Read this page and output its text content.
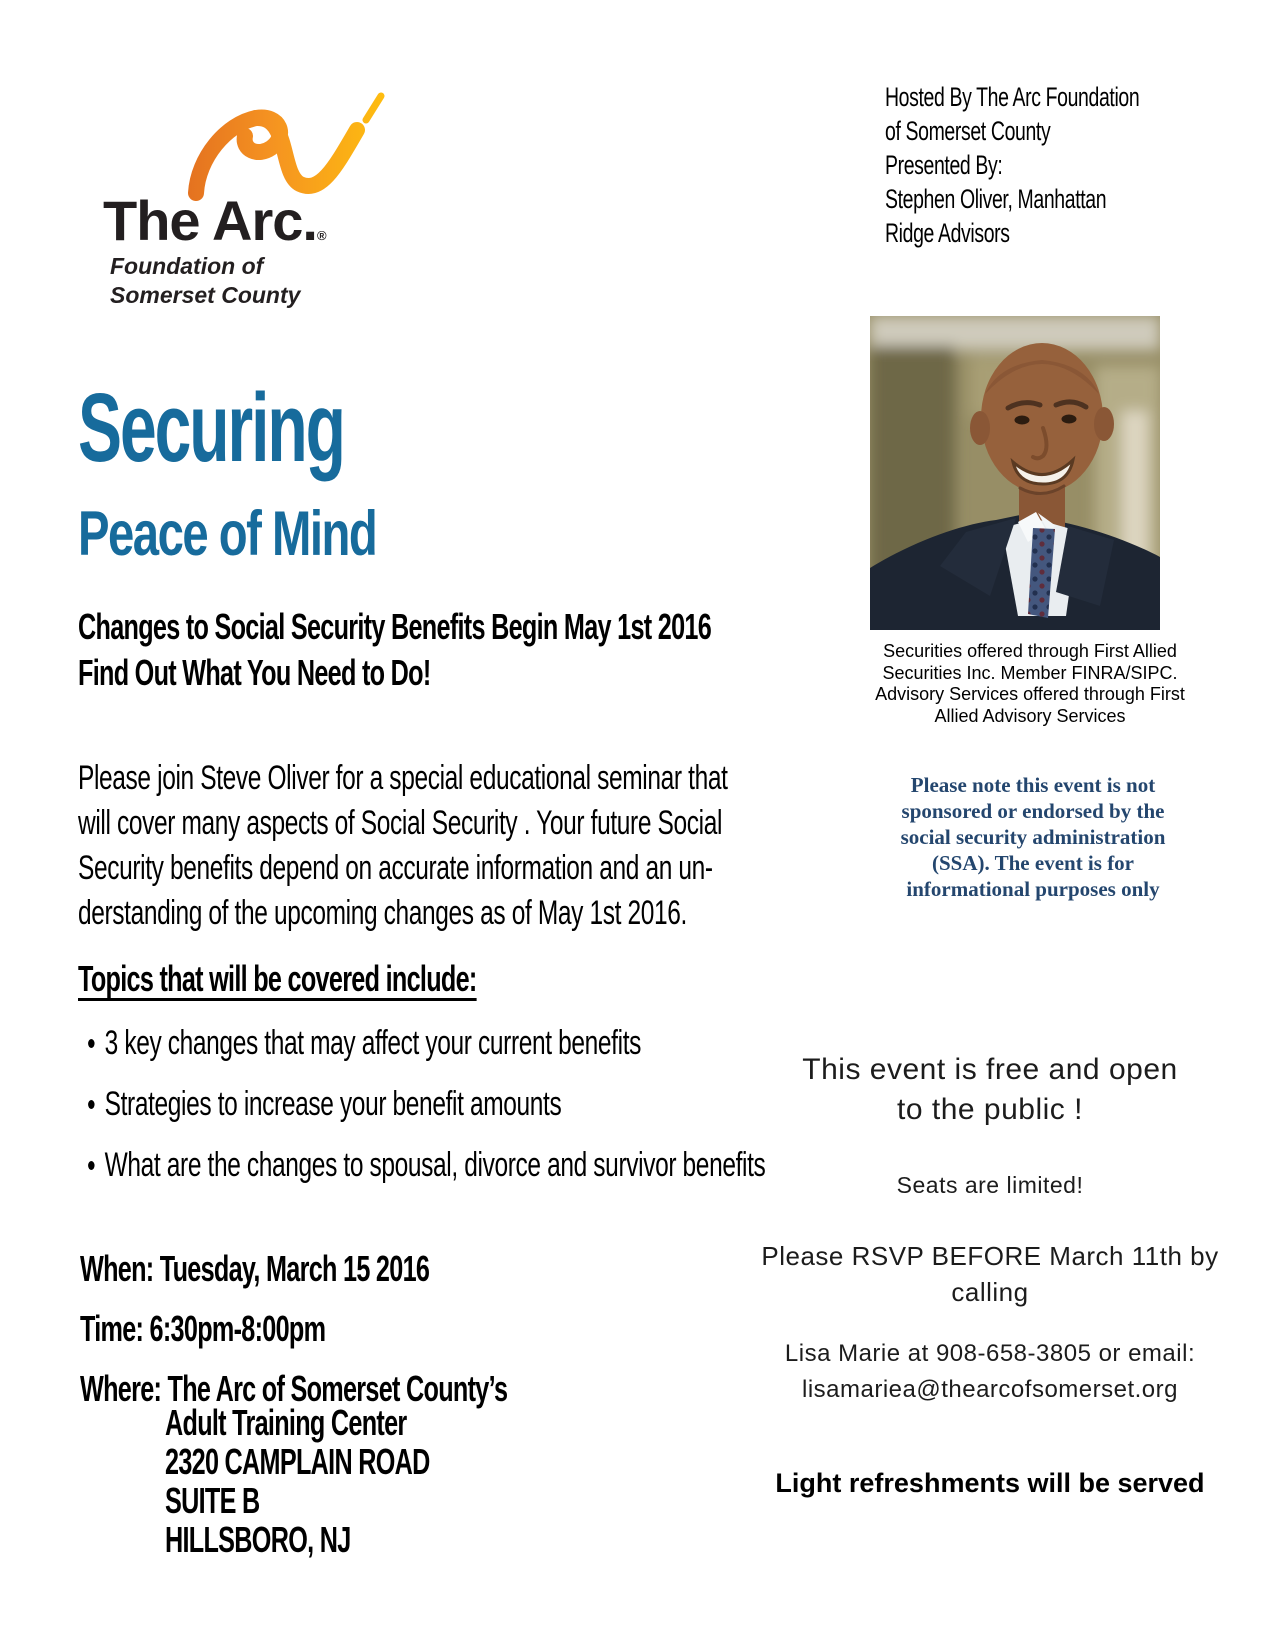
The Arc.®
Foundation of
Somerset County
Hosted By The Arc Foundation
of Somerset County
Presented By:
Stephen Oliver, Manhattan
Ridge Advisors
Securing
Peace of Mind
Changes to Social Security Benefits Begin May 1st 2016
Find Out What You Need to Do!
Please join Steve Oliver for a special educational seminar that
will cover many aspects of Social Security . Your future Social
Security benefits depend on accurate information and an un-
derstanding of the upcoming changes as of May 1st 2016.
Topics that will be covered include:
3 key changes that may affect your current benefits
Strategies to increase your benefit amounts
What are the changes to spousal, divorce and survivor benefits
When: Tuesday, March 15 2016
Time: 6:30pm-8:00pm
Where: The Arc of Somerset County’s
Adult Training Center
2320 CAMPLAIN ROAD
SUITE B
HILLSBORO, NJ
Securities offered through First Allied
Securities Inc. Member FINRA/SIPC.
Advisory Services offered through First
Allied Advisory Services
Please note this event is not
sponsored or endorsed by the
social security administration
(SSA). The event is for
informational purposes only
This event is free and open
to the public !
Seats are limited!
Please RSVP BEFORE March 11th by
calling
Lisa Marie at 908-658-3805 or email:
lisamariea@thearcofsomerset.org
Light refreshments will be served
